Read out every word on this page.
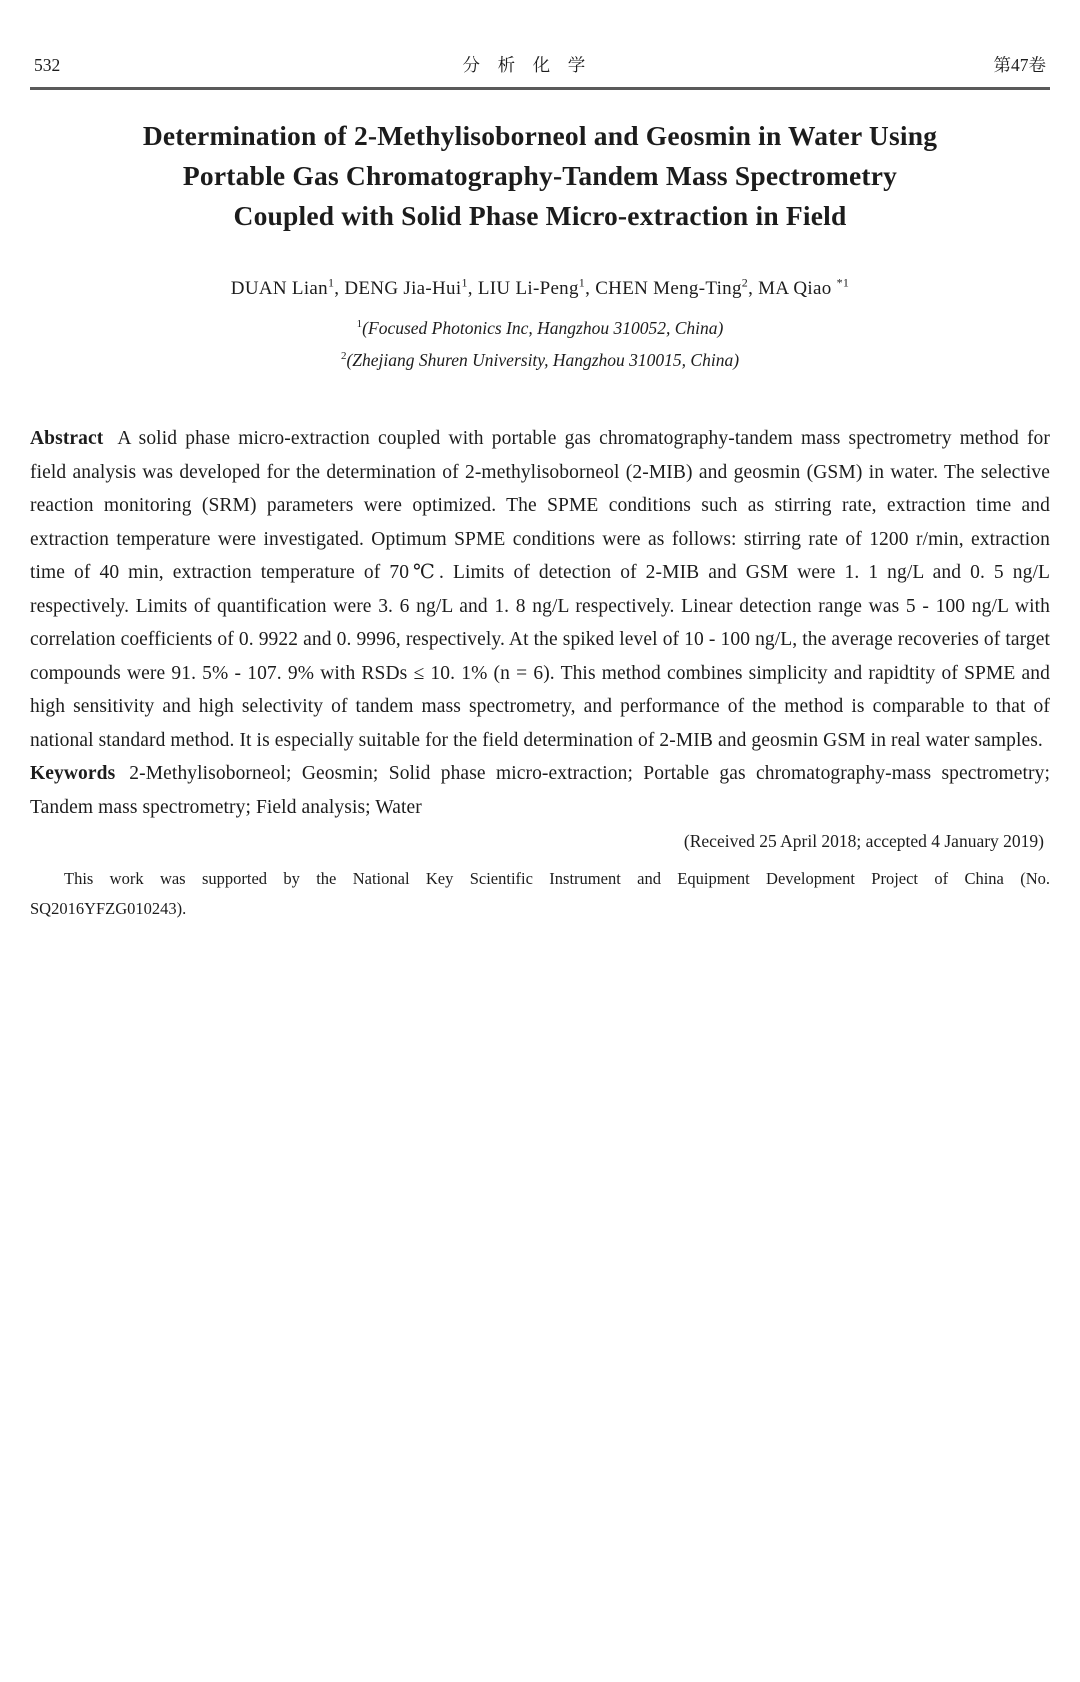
532	分 析 化 学	第47卷
Determination of 2-Methylisoborneol and Geosmin in Water Using
Portable Gas Chromatography-Tandem Mass Spectrometry
Coupled with Solid Phase Micro-extraction in Field
DUAN Lian$^1$, DENG Jia-Hui$^1$, LIU Li-Peng$^1$, CHEN Meng-Ting$^2$, MA Qiao $^{*1}$
$^1$(Focused Photonics Inc, Hangzhou 310052, China)
$^2$(Zhejiang Shuren University, Hangzhou 310015, China)

Abstract A solid phase micro-extraction coupled with portable gas chromatography-tandem mass spectrometry method for field analysis was developed for the determination of 2-methylisoborneol (2-MIB) and geosmin (GSM) in water. The selective reaction monitoring (SRM) parameters were optimized. The SPME conditions such as stirring rate, extraction time and extraction temperature were investigated. Optimum SPME conditions were as follows: stirring rate of 1200 r/min, extraction time of 40 min, extraction temperature of 70℃. Limits of detection of 2-MIB and GSM were 1. 1 ng/L and 0. 5 ng/L respectively. Limits of quantification were 3. 6 ng/L and 1. 8 ng/L respectively. Linear detection range was 5 - 100 ng/L with correlation coefficients of 0. 9922 and 0. 9996, respectively. At the spiked level of 10 - 100 ng/L, the average recoveries of target compounds were 91. 5% - 107. 9% with RSDs ≤ 10. 1% (n = 6). This method combines simplicity and rapidtity of SPME and high sensitivity and high selectivity of tandem mass spectrometry, and performance of the method is comparable to that of national standard method. It is especially suitable for the field determination of 2-MIB and geosmin GSM in real water samples.

Keywords 2-Methylisoborneol; Geosmin; Solid phase micro-extraction; Portable gas chromatography-mass spectrometry; Tandem mass spectrometry; Field analysis; Water

(Received 25 April 2018; accepted 4 January 2019)

This work was supported by the National Key Scientific Instrument and Equipment Development Project of China (No. SQ2016YFZG010243).
